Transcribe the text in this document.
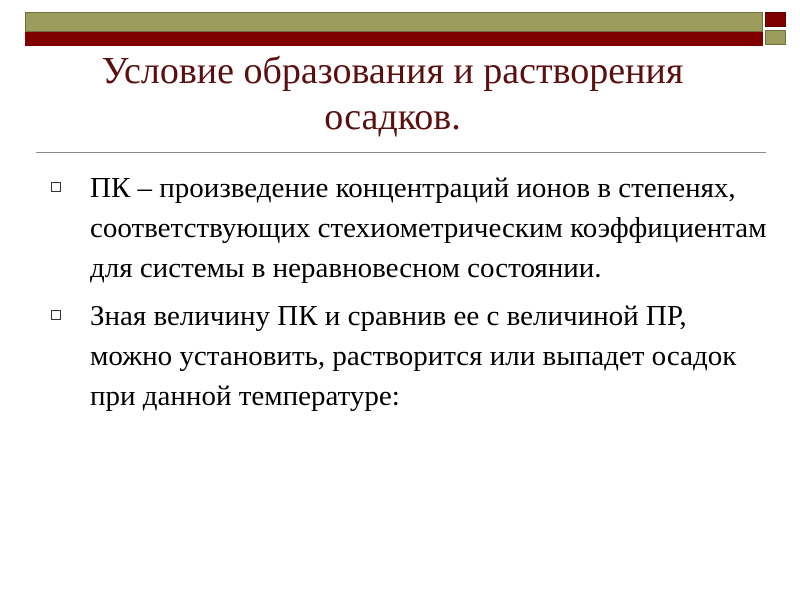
Условие образования и растворения осадков.
ПК – произведение концентраций ионов в степенях, соответствующих стехиометрическим коэффициентам для системы в неравновесном состоянии.
Зная величину ПК и сравнив ее с величиной ПР, можно установить, растворится или выпадет осадок при данной температуре:
